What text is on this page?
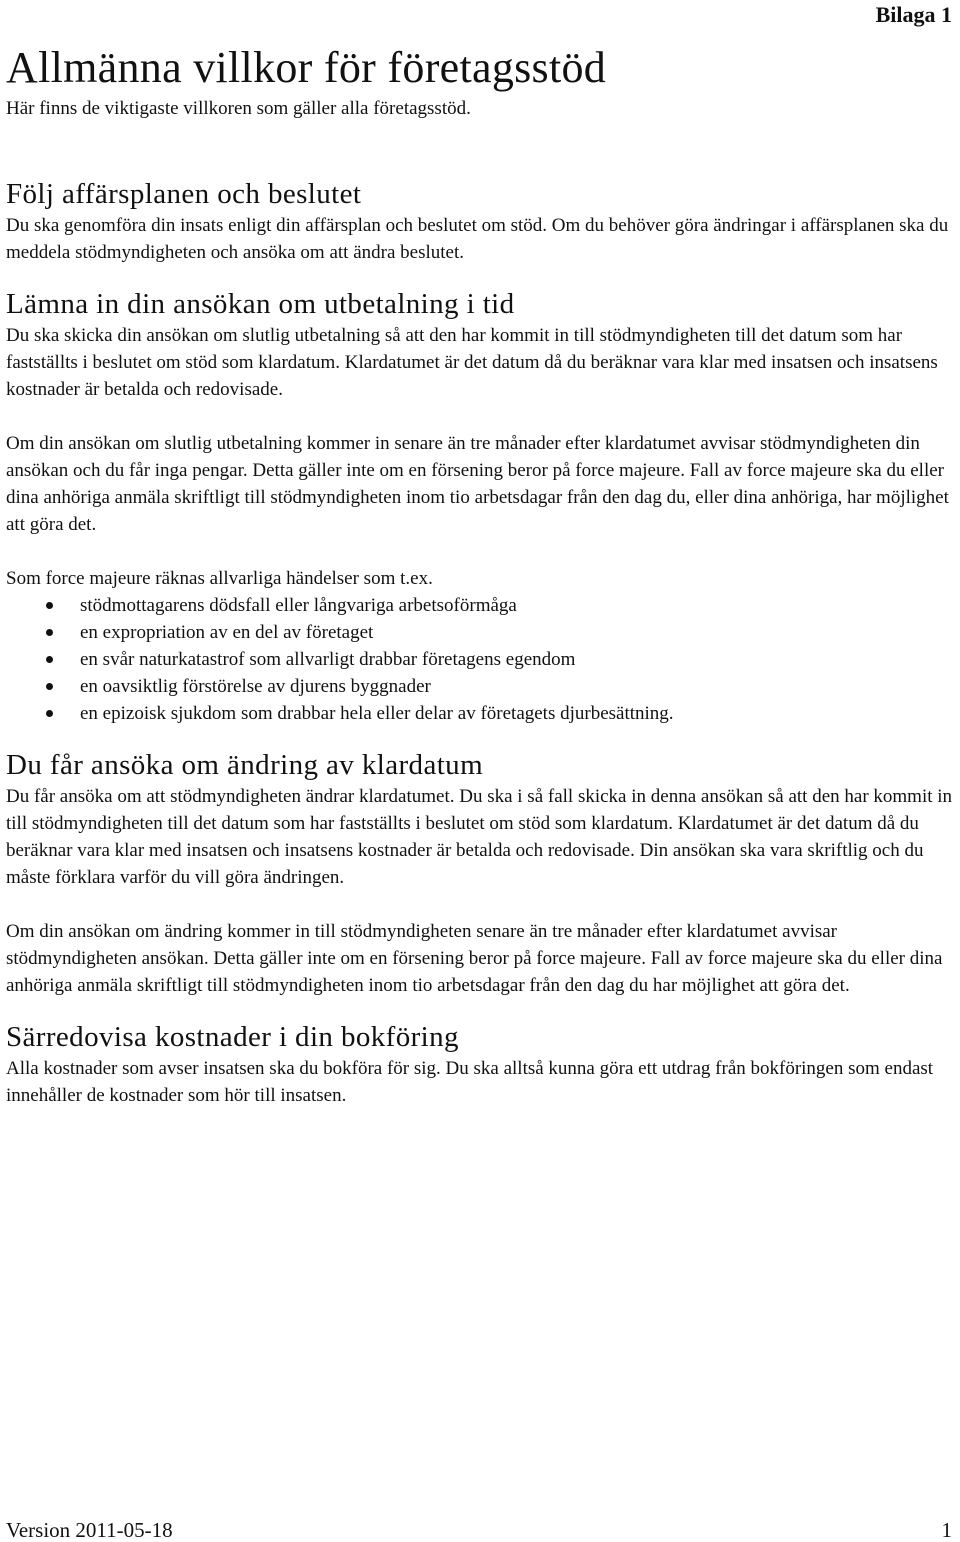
Bilaga 1
Allmänna villkor för företagsstöd

Här finns de viktigaste villkoren som gäller alla företagsstöd.

Följ affärsplanen och beslutet

Du ska genomföra din insats enligt din affärsplan och beslutet om stöd. Om du behöver göra ändringar i affärsplanen ska du meddela stödmyndigheten och ansöka om att ändra beslutet.

Lämna in din ansökan om utbetalning i tid

Du ska skicka din ansökan om slutlig utbetalning så att den har kommit in till stödmyndigheten till det datum som har fastställts i beslutet om stöd som klardatum. Klardatumet är det datum då du beräknar vara klar med insatsen och insatsens kostnader är betalda och redovisade.

Om din ansökan om slutlig utbetalning kommer in senare än tre månader efter klardatumet avvisar stödmyndigheten din ansökan och du får inga pengar. Detta gäller inte om en försening beror på force majeure. Fall av force majeure ska du eller dina anhöriga anmäla skriftligt till stödmyndigheten inom tio arbetsdagar från den dag du, eller dina anhöriga, har möjlighet att göra det.

Som force majeure räknas allvarliga händelser som t.ex.

stödmottagarens dödsfall eller långvariga arbetsoförmåga
en expropriation av en del av företaget
en svår naturkatastrof som allvarligt drabbar företagens egendom
en oavsiktlig förstörelse av djurens byggnader
en epizoisk sjukdom som drabbar hela eller delar av företagets djurbesättning.
Du får ansöka om ändring av klardatum

Du får ansöka om att stödmyndigheten ändrar klardatumet. Du ska i så fall skicka in denna ansökan så att den har kommit in till stödmyndigheten till det datum som har fastställts i beslutet om stöd som klardatum. Klardatumet är det datum då du beräknar vara klar med insatsen och insatsens kostnader är betalda och redovisade. Din ansökan ska vara skriftlig och du måste förklara varför du vill göra ändringen.

Om din ansökan om ändring kommer in till stödmyndigheten senare än tre månader efter klardatumet avvisar stödmyndigheten ansökan. Detta gäller inte om en försening beror på force majeure. Fall av force majeure ska du eller dina anhöriga anmäla skriftligt till stödmyndigheten inom tio arbetsdagar från den dag du har möjlighet att göra det.

Särredovisa kostnader i din bokföring

Alla kostnader som avser insatsen ska du bokföra för sig. Du ska alltså kunna göra ett utdrag från bokföringen som endast innehåller de kostnader som hör till insatsen.

Version 2011-05-18	1
